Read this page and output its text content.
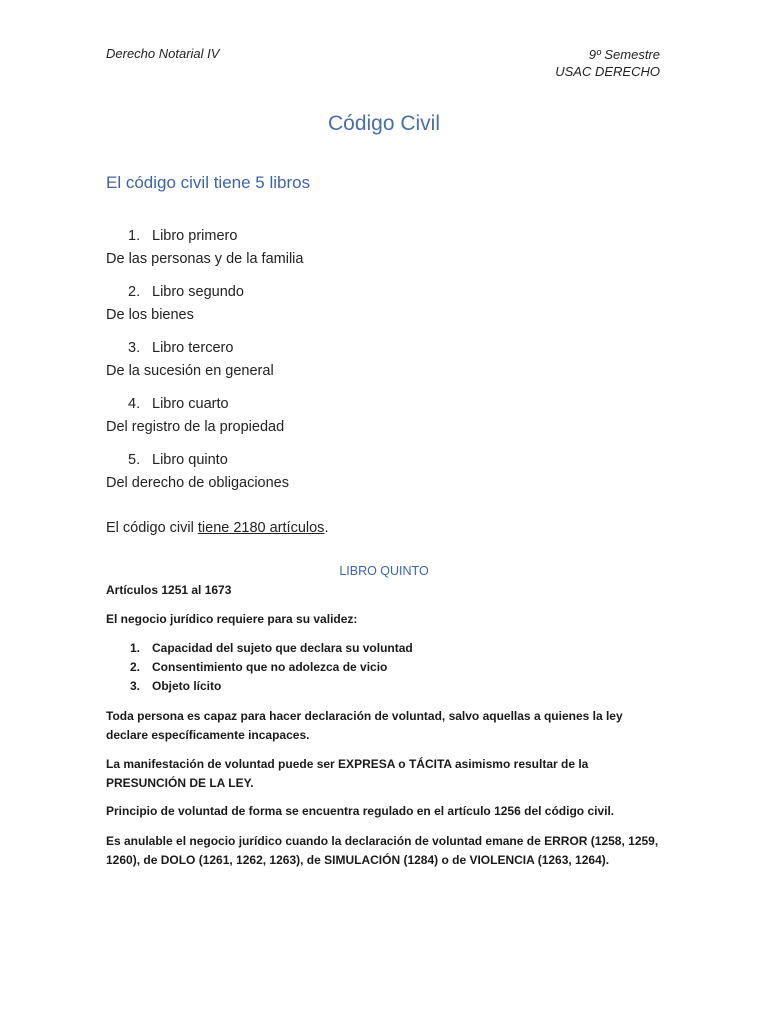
Derecho Notarial IV	9º Semestre
USAC DERECHO
Código Civil
El código civil tiene 5 libros
1. Libro primero
De las personas y de la familia
2. Libro segundo
De los bienes
3. Libro tercero
De la sucesión en general
4. Libro cuarto
Del registro de la propiedad
5. Libro quinto
Del derecho de obligaciones
El código civil tiene 2180 artículos.
LIBRO QUINTO
Artículos 1251 al 1673
El negocio jurídico requiere para su validez:
1. Capacidad del sujeto que declara su voluntad
2. Consentimiento que no adolezca de vicio
3. Objeto lícito
Toda persona es capaz para hacer declaración de voluntad, salvo aquellas a quienes la ley declare específicamente incapaces.
La manifestación de voluntad puede ser EXPRESA o TÁCITA asimismo resultar de la PRESUNCIÓN DE LA LEY.
Principio de voluntad de forma se encuentra regulado en el artículo 1256 del código civil.
Es anulable el negocio jurídico cuando la declaración de voluntad emane de ERROR (1258, 1259, 1260), de DOLO (1261, 1262, 1263), de SIMULACIÓN (1284) o de VIOLENCIA (1263, 1264).
